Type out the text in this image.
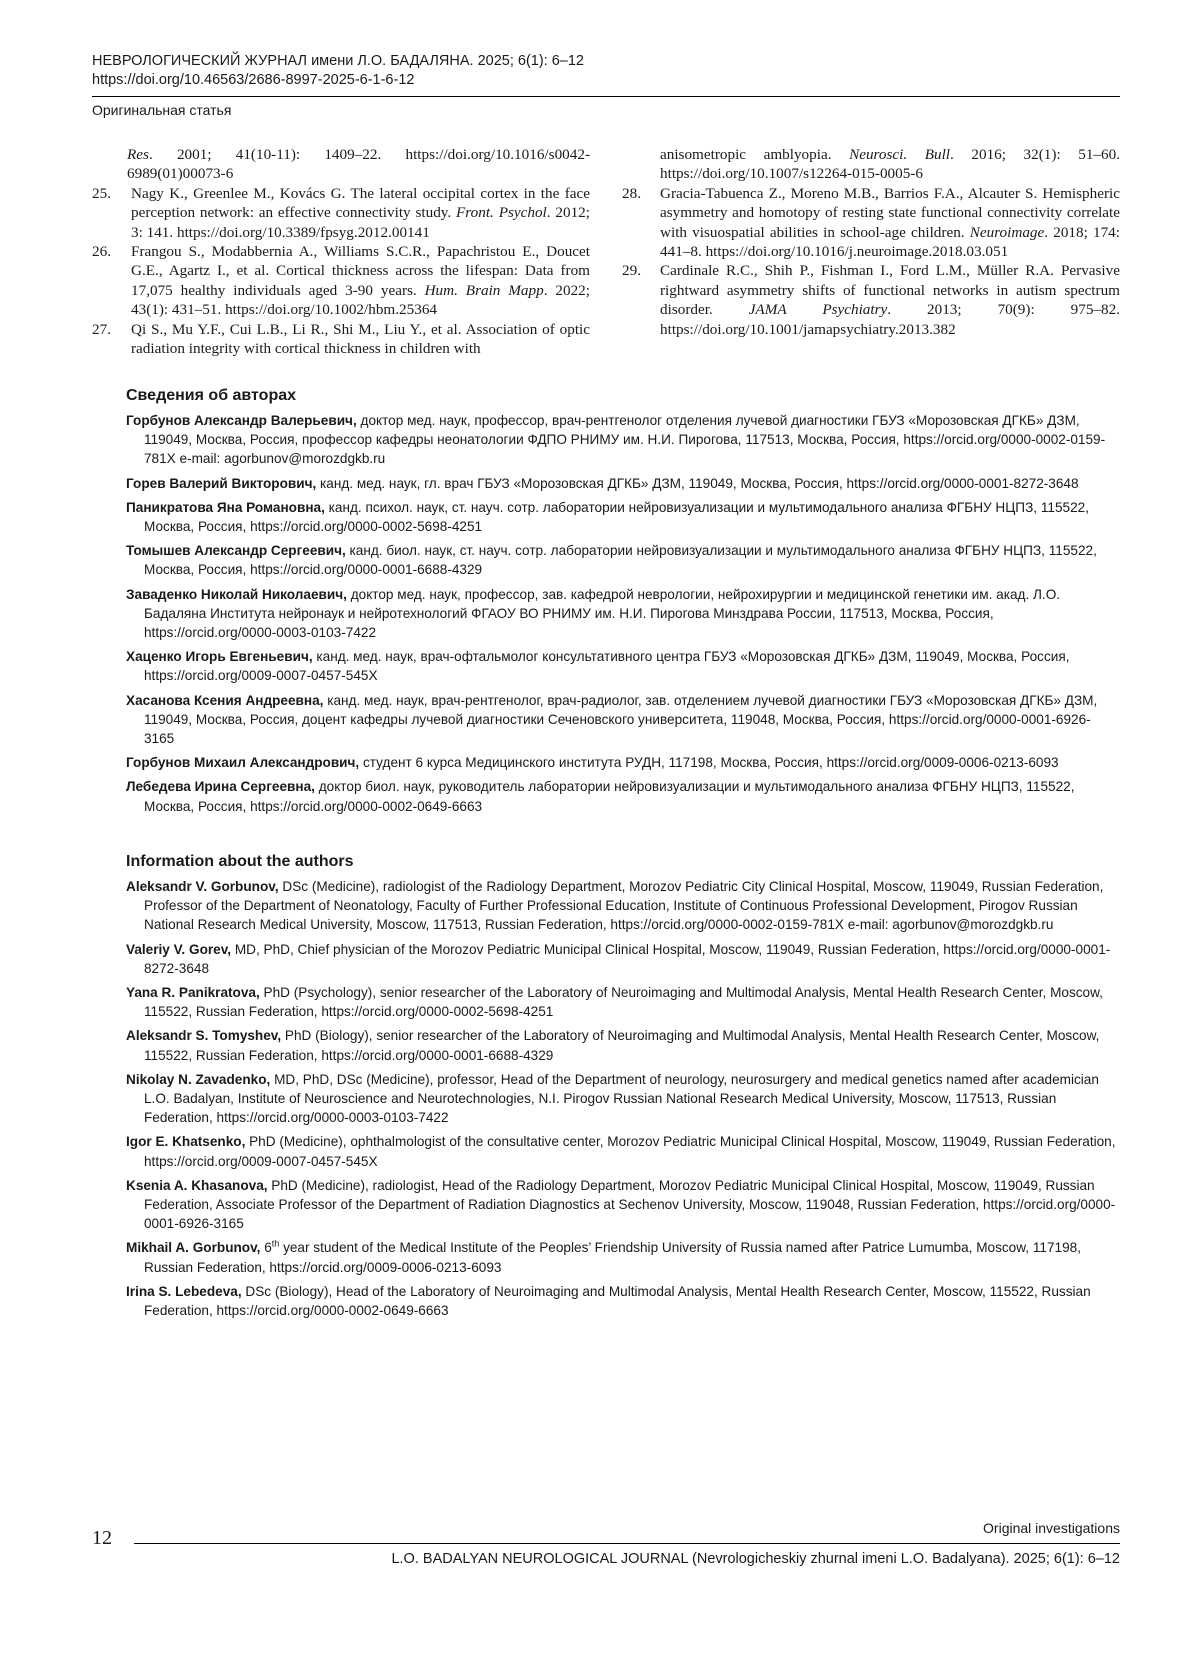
НЕВРОЛОГИЧЕСКИЙ ЖУРНАЛ имени Л.О. БАДАЛЯНА. 2025; 6(1): 6–12
https://doi.org/10.46563/2686-8997-2025-6-1-6-12
Оригинальная статья

Res. 2001; 41(10-11): 1409–22. https://doi.org/10.1016/s0042-6989(01)00073-6

25. Nagy K., Greenlee M., Kovács G. The lateral occipital cortex in the face perception network: an effective connectivity study. Front. Psychol. 2012; 3: 141. https://doi.org/10.3389/fpsyg.2012.00141

26. Frangou S., Modabbernia A., Williams S.C.R., Papachristou E., Doucet G.E., Agartz I., et al. Cortical thickness across the lifespan: Data from 17,075 healthy individuals aged 3-90 years. Hum. Brain Mapp. 2022; 43(1): 431–51. https://doi.org/10.1002/hbm.25364

27. Qi S., Mu Y.F., Cui L.B., Li R., Shi M., Liu Y., et al. Association of optic radiation integrity with cortical thickness in children with

anisometropic amblyopia. Neurosci. Bull. 2016; 32(1): 51–60. https://doi.org/10.1007/s12264-015-0005-6

28. Gracia-Tabuenca Z., Moreno M.B., Barrios F.A., Alcauter S. Hemispheric asymmetry and homotopy of resting state functional connectivity correlate with visuospatial abilities in school-age children. Neuroimage. 2018; 174: 441–8. https://doi.org/10.1016/j.neuroimage.2018.03.051

29. Cardinale R.C., Shih P., Fishman I., Ford L.M., Müller R.A. Pervasive rightward asymmetry shifts of functional networks in autism spectrum disorder. JAMA Psychiatry. 2013; 70(9): 975–82. https://doi.org/10.1001/jamapsychiatry.2013.382

Сведения об авторах
Горбунов Александр Валерьевич, доктор мед. наук, профессор, врач-рентгенолог отделения лучевой диагностики ГБУЗ «Морозовская ДГКБ» ДЗМ, 119049, Москва, Россия, профессор кафедры неонатологии ФДПО РНИМУ им. Н.И. Пирогова, 117513, Москва, Россия, https://orcid.org/0000-0002-0159-781X e-mail: agorbunov@morozdgkb.ru
Горев Валерий Викторович, канд. мед. наук, гл. врач ГБУЗ «Морозовская ДГКБ» ДЗМ, 119049, Москва, Россия, https://orcid.org/0000-0001-8272-3648
Паникратова Яна Романовна, канд. психол. наук, ст. науч. сотр. лаборатории нейровизуализации и мультимодального анализа ФГБНУ НЦПЗ, 115522, Москва, Россия, https://orcid.org/0000-0002-5698-4251
Томышев Александр Сергеевич, канд. биол. наук, ст. науч. сотр. лаборатории нейровизуализации и мультимодального анализа ФГБНУ НЦПЗ, 115522, Москва, Россия, https://orcid.org/0000-0001-6688-4329
Заваденко Николай Николаевич, доктор мед. наук, профессор, зав. кафедрой неврологии, нейрохирургии и медицинской генетики им. акад. Л.О. Бадаляна Института нейронаук и нейротехнологий ФГАОУ ВО РНИМУ им. Н.И. Пирогова Минздрава России, 117513, Москва, Россия, https://orcid.org/0000-0003-0103-7422
Хаценко Игорь Евгеньевич, канд. мед. наук, врач-офтальмолог консультативного центра ГБУЗ «Морозовская ДГКБ» ДЗМ, 119049, Москва, Россия, https://orcid.org/0009-0007-0457-545X
Хасанова Ксения Андреевна, канд. мед. наук, врач-рентгенолог, врач-радиолог, зав. отделением лучевой диагностики ГБУЗ «Морозовская ДГКБ» ДЗМ, 119049, Москва, Россия, доцент кафедры лучевой диагностики Сеченовского университета, 119048, Москва, Россия, https://orcid.org/0000-0001-6926-3165
Горбунов Михаил Александрович, студент 6 курса Медицинского института РУДН, 117198, Москва, Россия, https://orcid.org/0009-0006-0213-6093
Лебедева Ирина Сергеевна, доктор биол. наук, руководитель лаборатории нейровизуализации и мультимодального анализа ФГБНУ НЦПЗ, 115522, Москва, Россия, https://orcid.org/0000-0002-0649-6663
Information about the authors
Aleksandr V. Gorbunov, DSc (Medicine), radiologist of the Radiology Department, Morozov Pediatric City Clinical Hospital, Moscow, 119049, Russian Federation, Professor of the Department of Neonatology, Faculty of Further Professional Education, Institute of Continuous Professional Development, Pirogov Russian National Research Medical University, Moscow, 117513, Russian Federation, https://orcid.org/0000-0002-0159-781X e-mail: agorbunov@morozdgkb.ru
Valeriy V. Gorev, MD, PhD, Chief physician of the Morozov Pediatric Municipal Clinical Hospital, Moscow, 119049, Russian Federation, https://orcid.org/0000-0001-8272-3648
Yana R. Panikratova, PhD (Psychology), senior researcher of the Laboratory of Neuroimaging and Multimodal Analysis, Mental Health Research Center, Moscow, 115522, Russian Federation, https://orcid.org/0000-0002-5698-4251
Aleksandr S. Tomyshev, PhD (Biology), senior researcher of the Laboratory of Neuroimaging and Multimodal Analysis, Mental Health Research Center, Moscow, 115522, Russian Federation, https://orcid.org/0000-0001-6688-4329
Nikolay N. Zavadenko, MD, PhD, DSc (Medicine), professor, Head of the Department of neurology, neurosurgery and medical genetics named after academician L.O. Badalyan, Institute of Neuroscience and Neurotechnologies, N.I. Pirogov Russian National Research Medical University, Moscow, 117513, Russian Federation, https://orcid.org/0000-0003-0103-7422
Igor E. Khatsenko, PhD (Medicine), ophthalmologist of the consultative center, Morozov Pediatric Municipal Clinical Hospital, Moscow, 119049, Russian Federation, https://orcid.org/0009-0007-0457-545X
Ksenia A. Khasanova, PhD (Medicine), radiologist, Head of the Radiology Department, Morozov Pediatric Municipal Clinical Hospital, Moscow, 119049, Russian Federation, Associate Professor of the Department of Radiation Diagnostics at Sechenov University, Moscow, 119048, Russian Federation, https://orcid.org/0000-0001-6926-3165
Mikhail A. Gorbunov, 6th year student of the Medical Institute of the Peoples’ Friendship University of Russia named after Patrice Lumumba, Moscow, 117198, Russian Federation, https://orcid.org/0009-0006-0213-6093
Irina S. Lebedeva, DSc (Biology), Head of the Laboratory of Neuroimaging and Multimodal Analysis, Mental Health Research Center, Moscow, 115522, Russian Federation, https://orcid.org/0000-0002-0649-6663
12	Original investigations
L.O. BADALYAN NEUROLOGICAL JOURNAL (Nevrologicheskiy zhurnal imeni L.O. Badalyana). 2025; 6(1): 6–12
